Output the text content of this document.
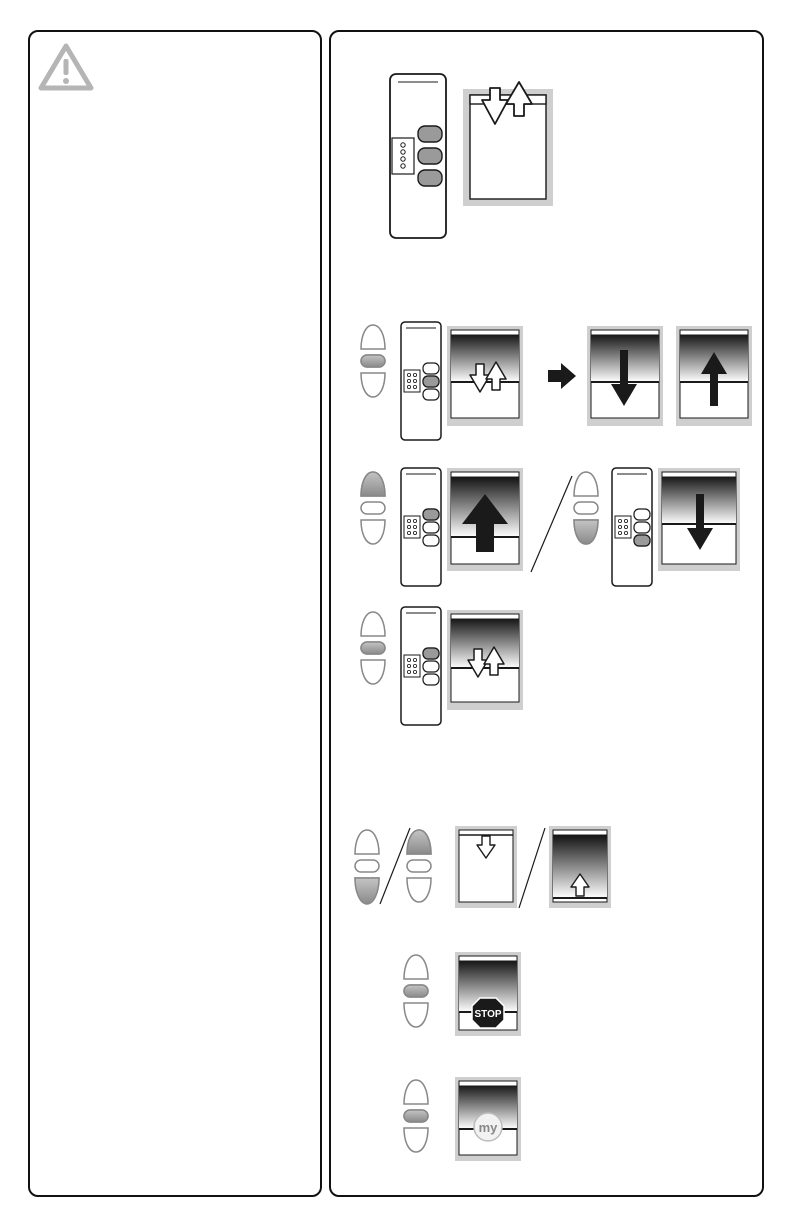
STOP
my
